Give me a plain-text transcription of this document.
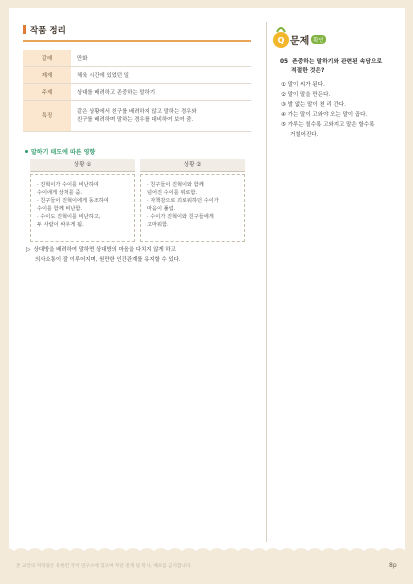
작품 정리
갈래	만화
제재	체육 시간에 있었던 일
주제	상대를 배려하고 존중하는 말하기
특징	같은 상황에서 친구를 배려하지 않고 말하는 경우와
친구를 배려하며 말하는 경우를 대비하여 보여 줌.
말하기 태도에 따른 영향
상황 ①	상황 ②

· 진혁이가 수이를 비난하여

수이에게 상처를 줌.

· 친구들이 진혁이에게 동조하여

수이를 함께 비난함.

· 수이도 진혁이를 비난하고,

두 사람이 싸우게 됨.

· 친구들이 진혁이와 함께

넘어진 수이를 위로함.

· 자책감으로 괴로워하던 수이가

마음이 풀림.

· 수이가 진혁이와 친구들에게

고마워함.

▷ 상대방을 배려하여 말하면 상대방의 마음을 다치지 않게 하고
의사소통이 잘 이루어지며, 원만한 인간관계를 유지할 수 있다.
Q 문제 확인
05 존중하는 말하기와 관련된 속담으로
적절한 것은?
① 말이 씨가 된다.
② 말이 말을 만든다.
③ 발 없는 말이 천 리 간다.
④ 가는 말이 고와야 오는 말이 곱다.
⑤ 가루는 칠수록 고와지고 말은 할수록
거칠어진다.
본 교안의 저작권은 유한킨 국어 연구소에 있으며 무단 전재 및 복사, 배포를 금지합니다.	8p
